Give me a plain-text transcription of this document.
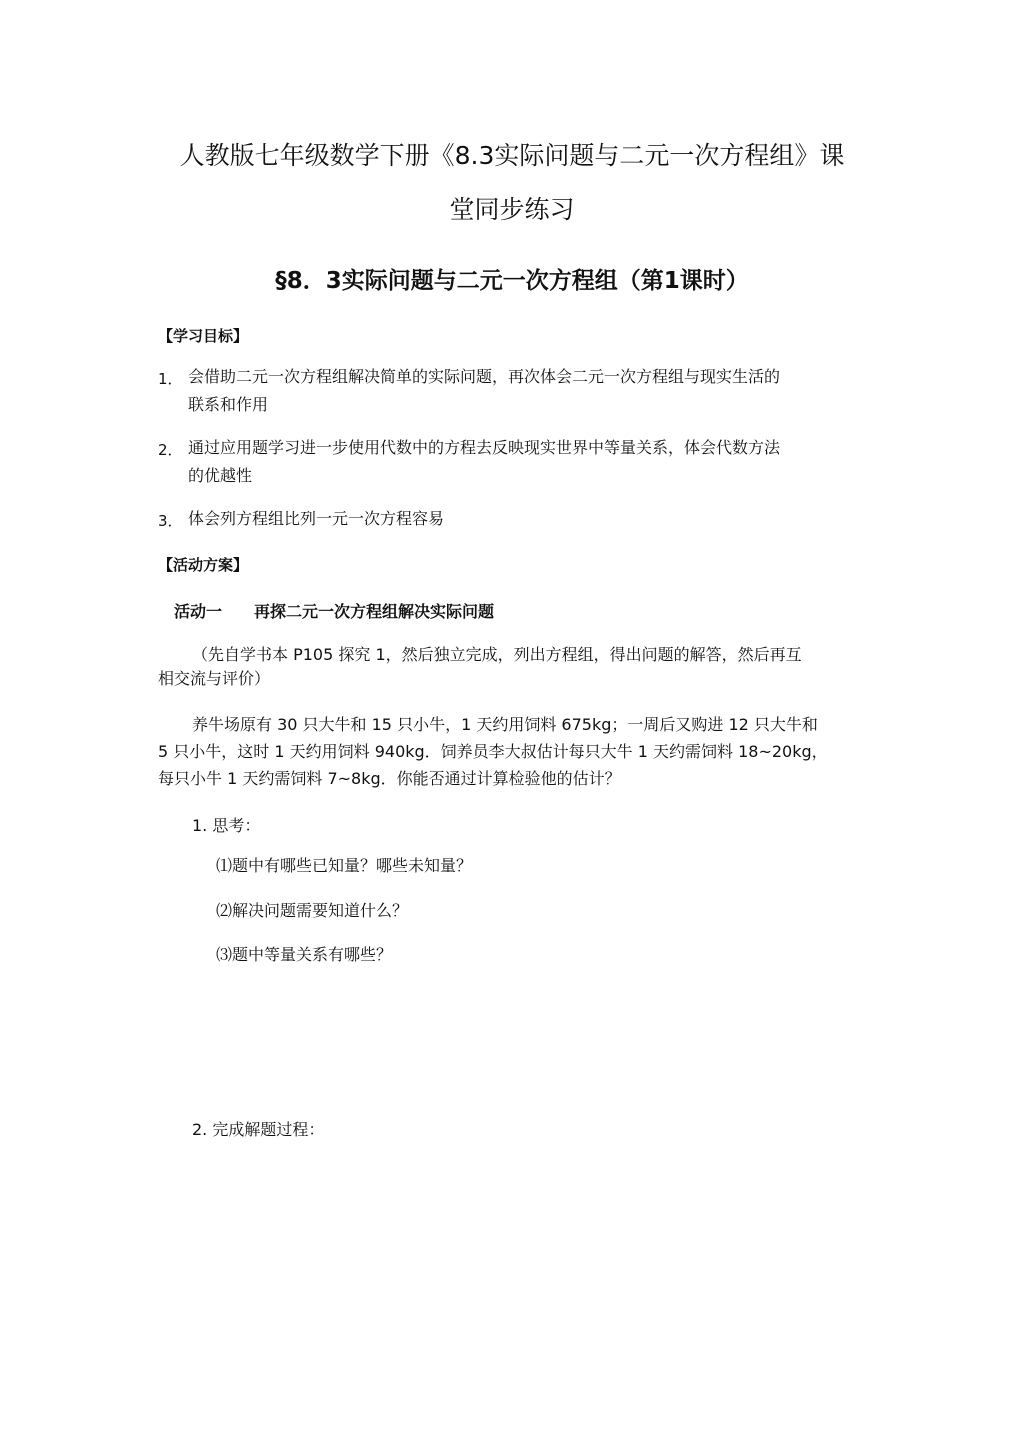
人教版七年级数学下册《8.3实际问题与二元一次方程组》课
堂同步练习
§8．3实际问题与二元一次方程组（第1课时）
【学习目标】
1． 会借助二元一次方程组解决简单的实际问题，再次体会二元一次方程组与现实生活的
联系和作用
2． 通过应用题学习进一步使用代数中的方程去反映现实世界中等量关系，体会代数方法
的优越性
3． 体会列方程组比列一元一次方程容易
【活动方案】
活动一　　再探二元一次方程组解决实际问题
（先自学书本 P105 探究 1，然后独立完成，列出方程组，得出问题的解答，然后再互
相交流与评价）
养牛场原有 30 只大牛和 15 只小牛，1 天约用饲料 675kg；一周后又购进 12 只大牛和
5 只小牛，这时 1 天约用饲料 940kg．饲养员李大叔估计每只大牛 1 天约需饲料 18~20kg，
每只小牛 1 天约需饲料 7~8kg．你能否通过计算检验他的估计？
1. 思考：
⑴题中有哪些已知量？哪些未知量？
⑵解决问题需要知道什么？
⑶题中等量关系有哪些？
2. 完成解题过程：
